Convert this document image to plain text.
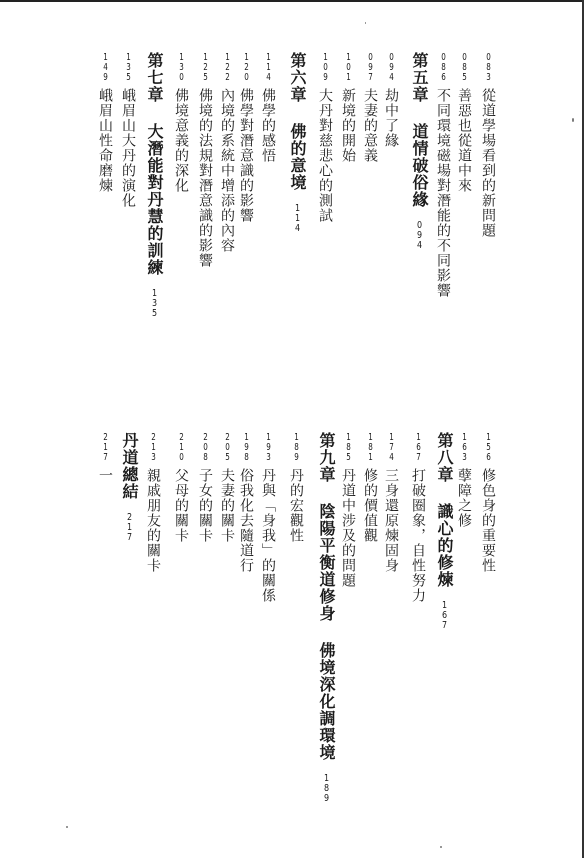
083從道學場看到的新問題
085善惡也從道中來
086不同環境磁場對潛能的不同影響
第五章 道情破俗緣094
094劫中了緣
097夫妻的意義
101新境的開始
109大丹對慈悲心的測試
第六章 佛的意境114
114佛學的感悟
120佛學對潛意識的影響
122內境的系統中增添的內容
125佛境的法規對潛意識的影響
130佛境意義的深化
第七章 大潛能對丹慧的訓練135
135峨眉山大丹的演化
149峨眉山性命磨煉
156修色身的重要性
163孽障之修
第八章 識心的修煉167
167打破圈象，自性努力
174三身還原煉固身
181修的價值觀
185丹道中涉及的問題
第九章 陰陽平衡道修身 佛境深化調環境189
189丹的宏觀性
193丹與「身我」的關係
198俗我化去隨道行
205夫妻的關卡
208子女的關卡
210父母的關卡
213親戚朋友的關卡
丹道總結217
217一
